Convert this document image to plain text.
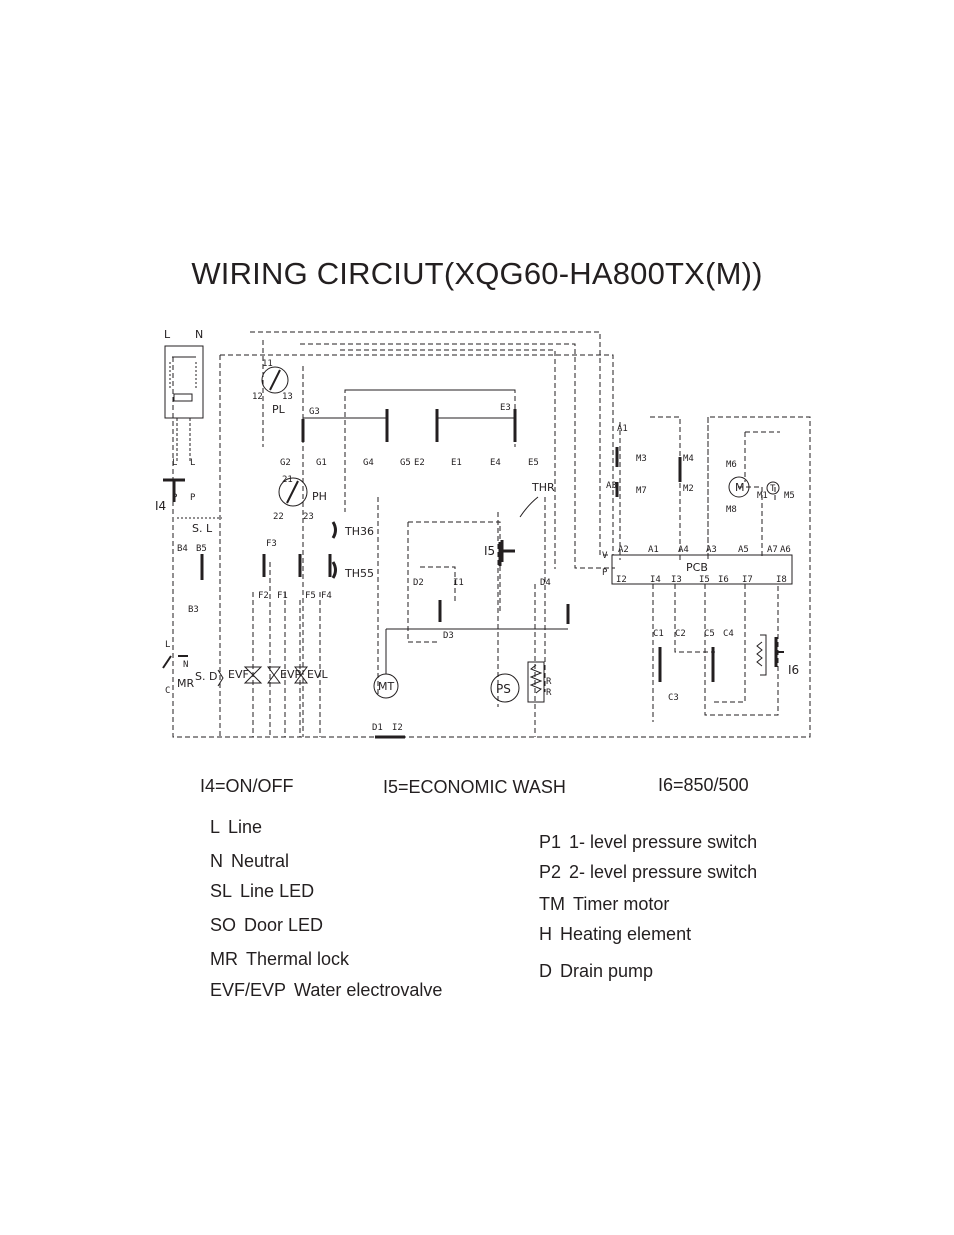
WIRING CIRCIUT(XQG60-HA800TX(M))
L N
I4
S. L
S. D
MR
PL
PH
TH36
TH55
THR
I5
I6
PCB
MT	PS
M	T
EVF	EVP EVL
R
R
G3
G2	G1	G4	G5
E3
E2	E1	E4	E5
F1
F2
F3
F4
F5
11
12 13
21
22 23
A1
A3
M3	M4
M7	M2
M6
M8
M1 M5
B3
B4 B5
D2	I1
D3
D4
C1 C2
C3
C4
C5
D1 I2
V
P
L
N
C
L L
P P
A2 A1 A4 A3 A5 A7 A6
I2	I4 I3 I5 I6 I7	I8
I4=ON/OFF	I5=ECONOMIC WASH	I6=850/500
L Line
N Neutral
SL Line LED
SO Door LED
MR Thermal lock
EVF/EVP Water electrovalve
P1 1- level pressure switch
P2 2- level pressure switch
TM Timer motor
H Heating element
D Drain pump
